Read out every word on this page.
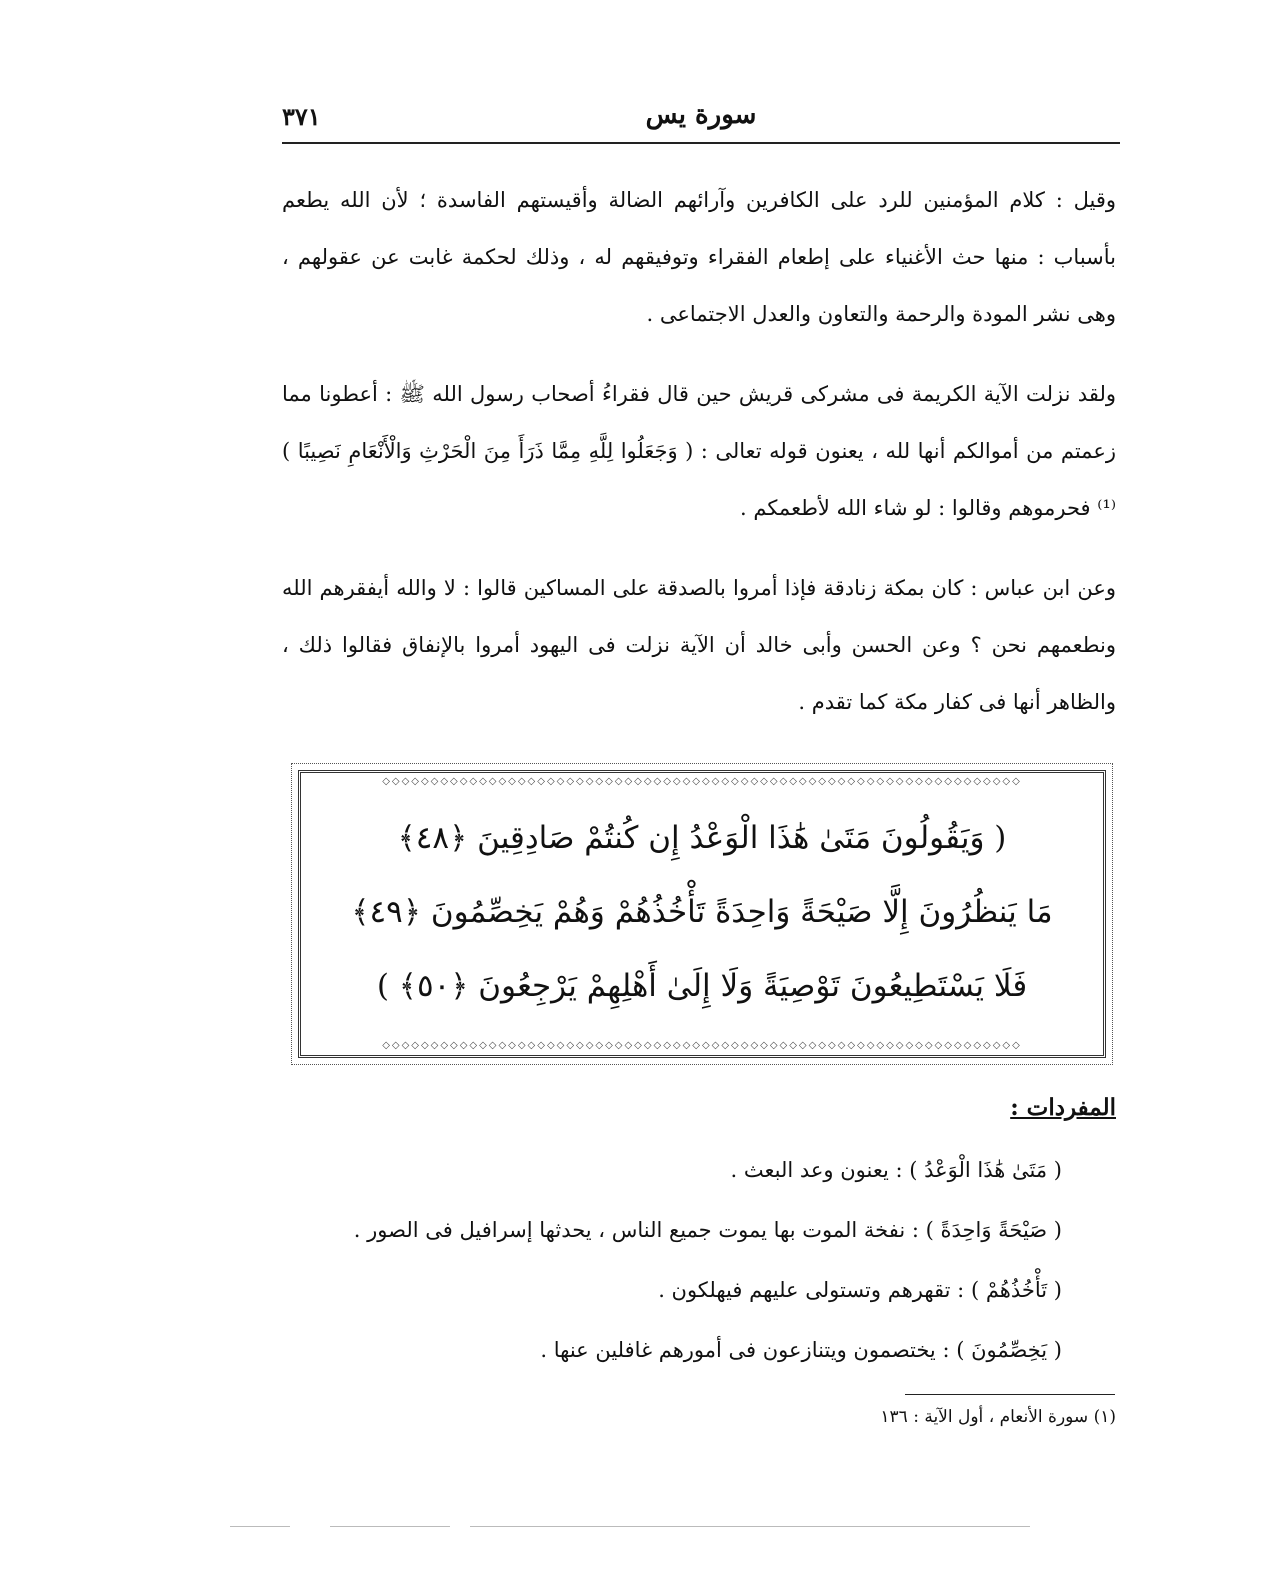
٣٧١	سورة يس

وقيل : كلام المؤمنين للرد على الكافرين وآرائهم الضالة وأقيستهم الفاسدة ؛ لأن الله يطعم بأسباب : منها حث الأغنياء على إطعام الفقراء وتوفيقهم له ، وذلك لحكمة غابت عن عقولهم ، وهى نشر المودة والرحمة والتعاون والعدل الاجتماعى .

ولقد نزلت الآية الكريمة فى مشركى قريش حين قال فقراءُ أصحاب رسول الله ﷺ : أعطونا مما زعمتم من أموالكم أنها لله ، يعنون قوله تعالى : ( وَجَعَلُوا لِلَّهِ مِمَّا ذَرَأَ مِنَ الْحَرْثِ وَالْأَنْعَامِ نَصِيبًا )⁽¹⁾ فحرموهم وقالوا : لو شاء الله لأطعمكم .

وعن ابن عباس : كان بمكة زنادقة فإذا أمروا بالصدقة على المساكين قالوا : لا والله أيفقرهم الله ونطعمهم نحن ؟ وعن الحسن وأبى خالد أن الآية نزلت فى اليهود أمروا بالإنفاق فقالوا ذلك ، والظاهر أنها فى كفار مكة كما تقدم .

◇◇◇◇◇◇◇◇◇◇◇◇◇◇◇◇◇◇◇◇◇◇◇◇◇◇◇◇◇◇◇◇◇◇◇◇◇◇◇◇◇◇◇◇◇◇◇◇◇◇◇◇◇◇◇◇◇◇◇◇◇◇◇◇◇◇
( وَيَقُولُونَ مَتَىٰ هَٰذَا الْوَعْدُ إِن كُنتُمْ صَادِقِينَ ﴿٤٨﴾
مَا يَنظُرُونَ إِلَّا صَيْحَةً وَاحِدَةً تَأْخُذُهُمْ وَهُمْ يَخِصِّمُونَ ﴿٤٩﴾
فَلَا يَسْتَطِيعُونَ تَوْصِيَةً وَلَا إِلَىٰ أَهْلِهِمْ يَرْجِعُونَ ﴿٥٠﴾ )
◇◇◇◇◇◇◇◇◇◇◇◇◇◇◇◇◇◇◇◇◇◇◇◇◇◇◇◇◇◇◇◇◇◇◇◇◇◇◇◇◇◇◇◇◇◇◇◇◇◇◇◇◇◇◇◇◇◇◇◇◇◇◇◇◇◇
المفردات :
( مَتَىٰ هَٰذَا الْوَعْدُ ) : يعنون وعد البعث .
( صَيْحَةً وَاحِدَةً ) : نفخة الموت بها يموت جميع الناس ، يحدثها إسرافيل فى الصور .
( تَأْخُذُهُمْ ) : تقهرهم وتستولى عليهم فيهلكون .
( يَخِصِّمُونَ ) : يختصمون ويتنازعون فى أمورهم غافلين عنها .
(١) سورة الأنعام ، أول الآية : ١٣٦
